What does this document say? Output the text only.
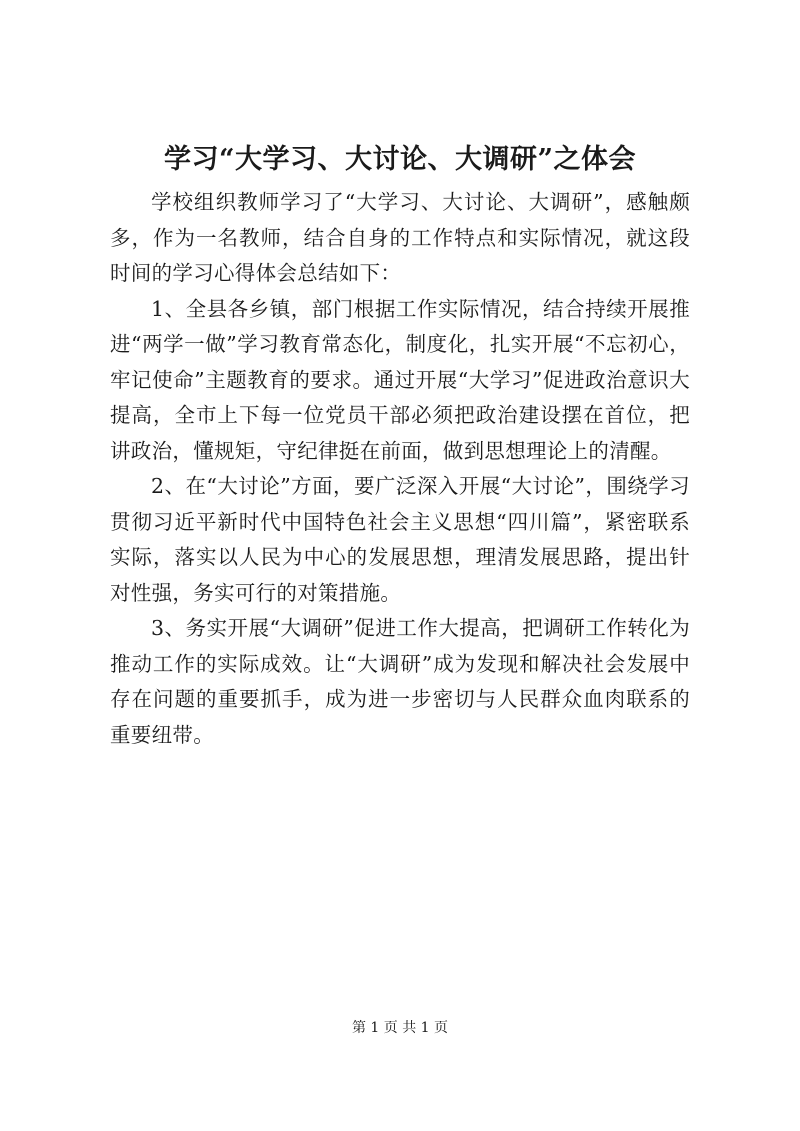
学习“大学习、大讨论、大调研”之体会

学校组织教师学习了“大学习、大讨论、大调研”，感触颇多，作为一名教师，结合自身的工作特点和实际情况，就这段时间的学习心得体会总结如下：

1、全县各乡镇，部门根据工作实际情况，结合持续开展推进“两学一做”学习教育常态化，制度化，扎实开展“不忘初心，牢记使命”主题教育的要求。通过开展“大学习”促进政治意识大提高，全市上下每一位党员干部必须把政治建设摆在首位，把讲政治，懂规矩，守纪律挺在前面，做到思想理论上的清醒。

2、在“大讨论”方面，要广泛深入开展“大讨论”，围绕学习贯彻习近平新时代中国特色社会主义思想“四川篇”，紧密联系实际，落实以人民为中心的发展思想，理清发展思路，提出针对性强，务实可行的对策措施。

3、务实开展“大调研”促进工作大提高，把调研工作转化为推动工作的实际成效。让“大调研”成为发现和解决社会发展中存在问题的重要抓手，成为进一步密切与人民群众血肉联系的重要纽带。

第 1 页 共 1 页
